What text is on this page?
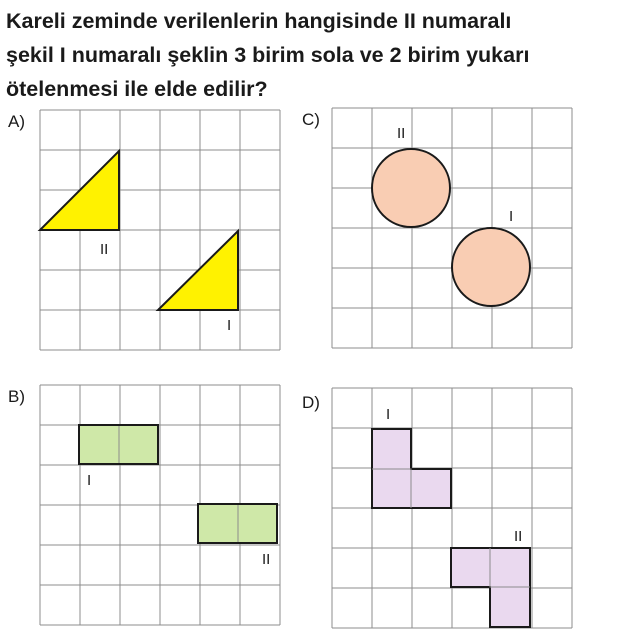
Kareli zeminde verilenlerin hangisinde II numaralı
şekil I numaralı şeklin 3 birim sola ve 2 birim yukarı
ötelenmesi ile elde edilir?
A)
II
I
C)
II
I
B)
I
II
D)
I
II
